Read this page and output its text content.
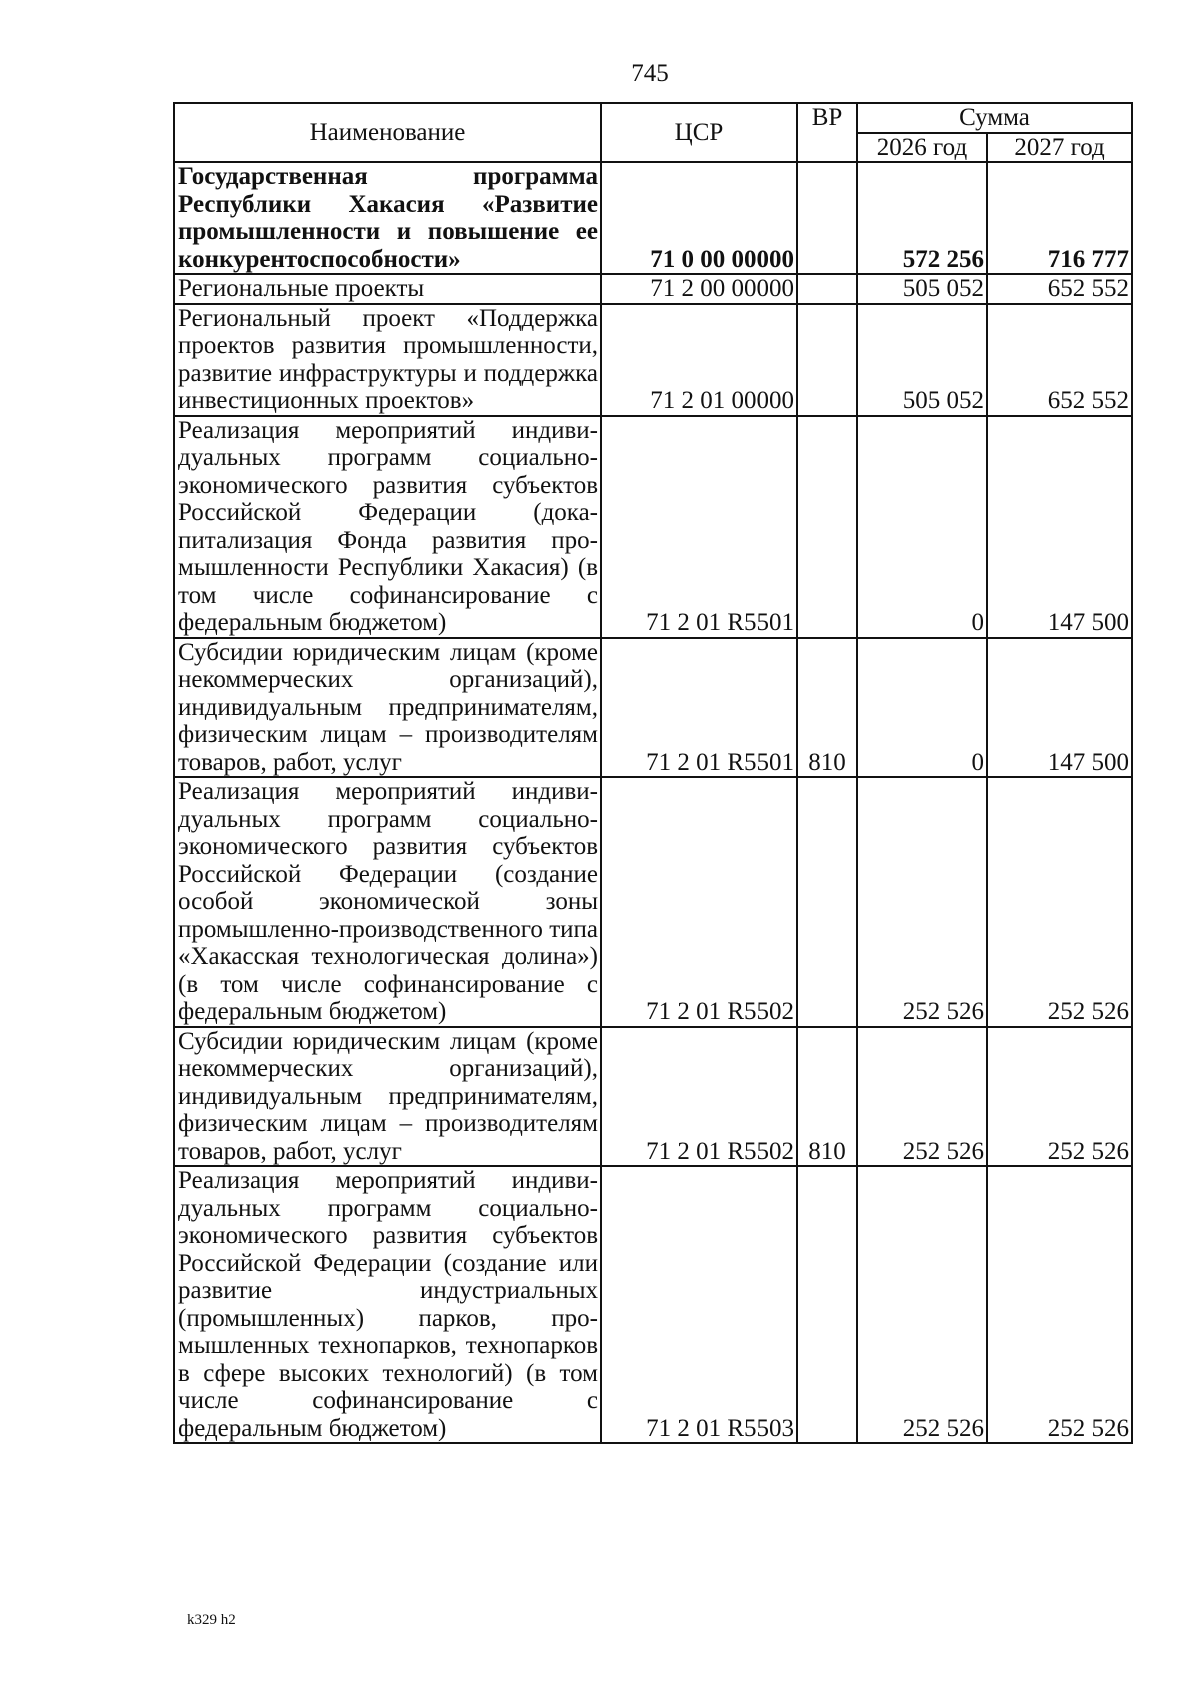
745
Наименование	ЦСР	ВР	Сумма	
			2026 год	2027 год
Государственная программа Республики Хакасия «Развитие промышленности и повышение ее конкурентоспособности»	71 0 00 00000		572 256	716 777
Региональные проекты	71 2 00 00000		505 052	652 552
Региональный проект «Поддержка проектов развития промышленности, развитие инфраструктуры и поддержка инвестиционных проектов»	71 2 01 00000		505 052	652 552
Реализация мероприятий индивидуальных программ социально-экономического развития субъектов Российской Федерации (докапитализация Фонда развития промышленности Республики Хакасия) (в том числе софинансирование с федеральным бюджетом)	71 2 01 R5501		0	147 500
Субсидии юридическим лицам (кроме некоммерческих организаций), индивидуальным предпринимателям, физическим лицам – производителям товаров, работ, услуг	71 2 01 R5501	810	0	147 500
Реализация мероприятий индивидуальных программ социально-экономического развития субъектов Российской Федерации (создание особой экономической зоны промышленно-производственного типа «Хакасская технологическая долина») (в том числе софинансирование с федеральным бюджетом)	71 2 01 R5502		252 526	252 526
Субсидии юридическим лицам (кроме некоммерческих организаций), индивидуальным предпринимателям, физическим лицам – производителям товаров, работ, услуг	71 2 01 R5502	810	252 526	252 526
Реализация мероприятий индивидуальных программ социально-экономического развития субъектов Российской Федерации (создание или развитие индустриальных (промышленных) парков, промышленных технопарков, технопарков в сфере высоких технологий) (в том числе софинансирование с федеральным бюджетом)	71 2 01 R5503		252 526	252 526
k329 h2
